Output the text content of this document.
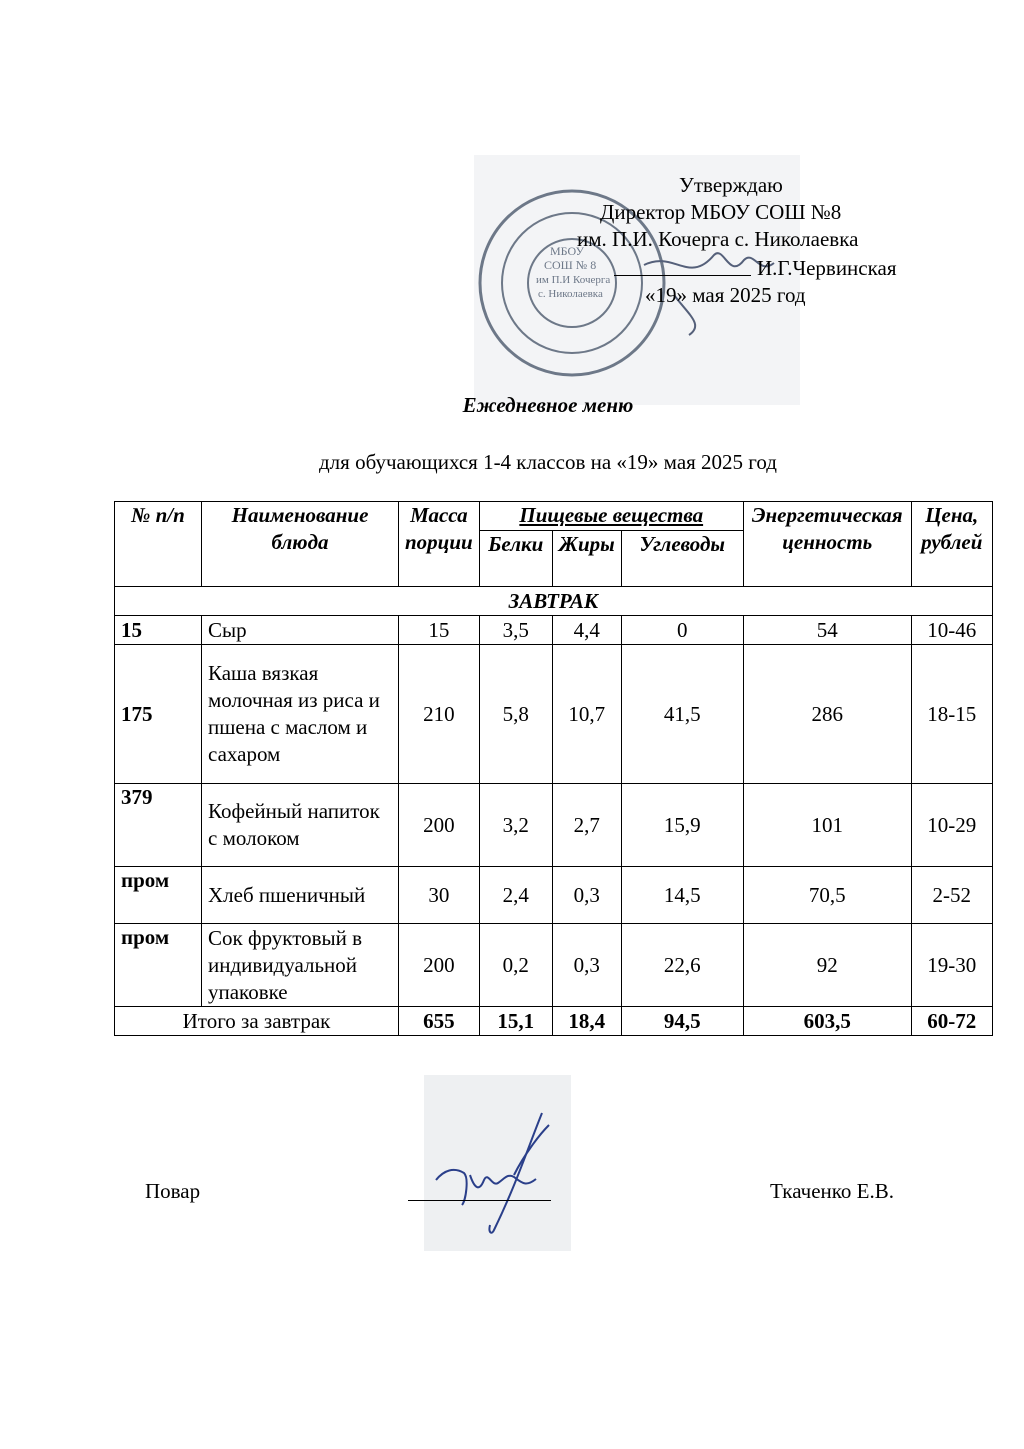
МБОУ
СОШ № 8
им П.И Кочерга
с. Николаевка
Утверждаю
Директор МБОУ СОШ №8
им. П.И. Кочерга с. Николаевка
И.Г.Червинская
«19» мая 2025 год
Ежедневное меню
для обучающихся 1-4 классов на «19» мая 2025 год
№ п/п	Наименование блюда	Масса порции	Пищевые вещества			Энергетическая ценность	Цена, рублей
			Белки	Жиры	Углеводы		
ЗАВТРАК							
15	Сыр	15	3,5	4,4	0	54	10-46
175	Каша вязкая молочная из риса и пшена с маслом и сахаром	210	5,8	10,7	41,5	286	18-15
379	Кофейный напиток с молоком	200	3,2	2,7	15,9	101	10-29
пром	Хлеб пшеничный	30	2,4	0,3	14,5	70,5	2-52
пром	Сок фруктовый в индивидуальной упаковке	200	0,2	0,3	22,6	92	19-30
Итого за завтрак		655	15,1	18,4	94,5	603,5	60-72
Повар	Ткаченко Е.В.
